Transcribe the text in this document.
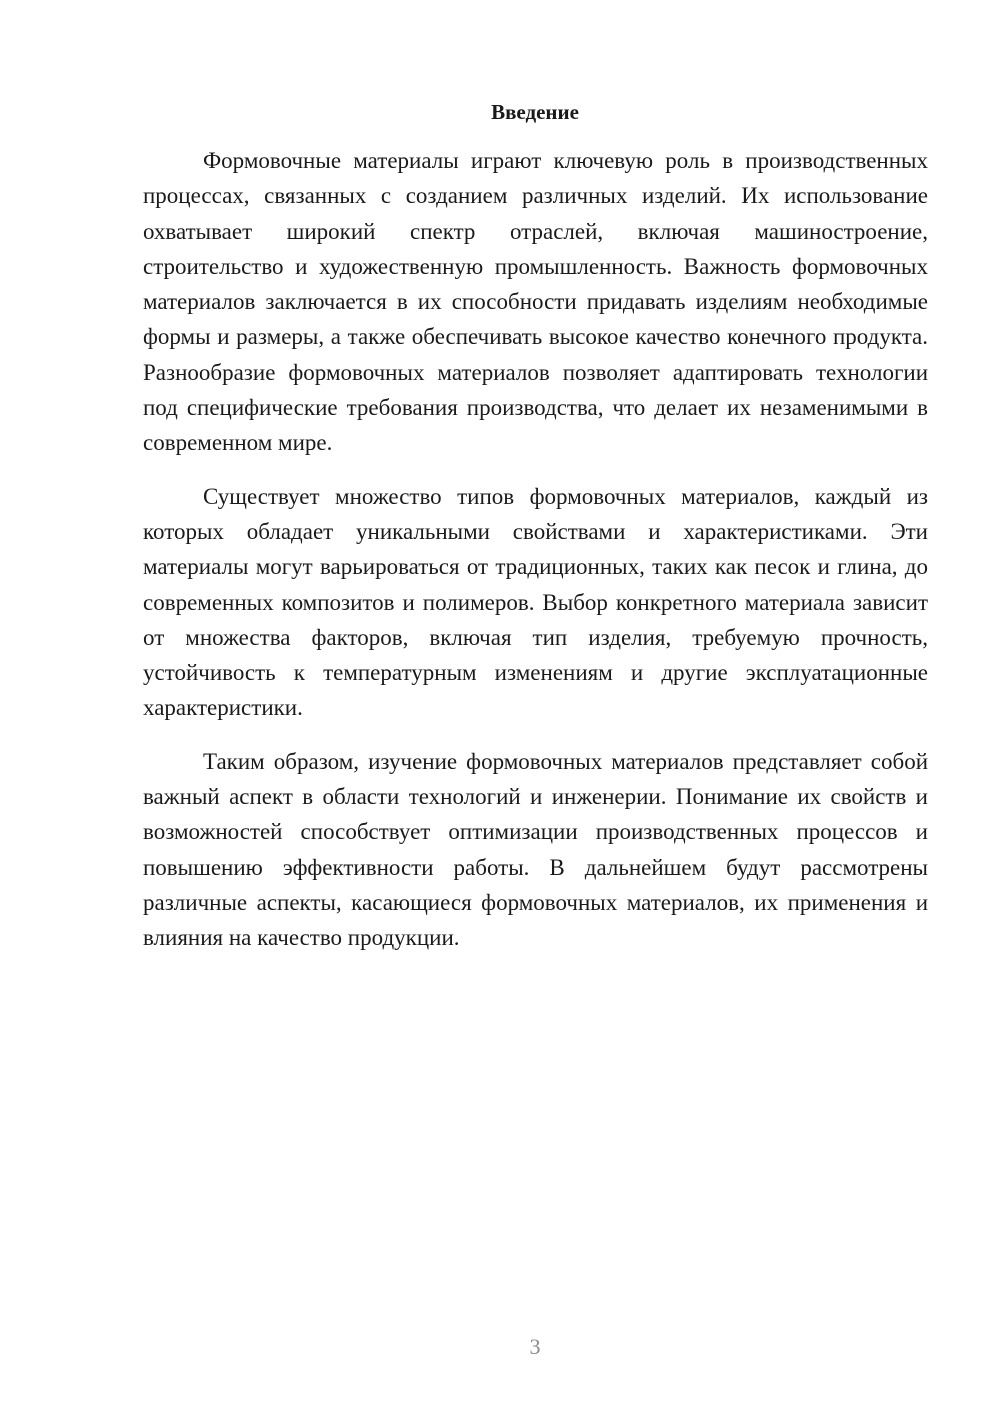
Введение

Формовочные материалы играют ключевую роль в производственных процессах, связанных с созданием различных изделий. Их использование охватывает широкий спектр отраслей, включая машиностроение, строительство и художественную промышленность. Важность формовочных материалов заключается в их способности придавать изделиям необходимые формы и размеры, а также обеспечивать высокое качество конечного продукта. Разнообразие формовочных материалов позволяет адаптировать технологии под специфические требования производства, что делает их незаменимыми в современном мире.

Существует множество типов формовочных материалов, каждый из которых обладает уникальными свойствами и характеристиками. Эти материалы могут варьироваться от традиционных, таких как песок и глина, до современных композитов и полимеров. Выбор конкретного материала зависит от множества факторов, включая тип изделия, требуемую прочность, устойчивость к температурным изменениям и другие эксплуатационные характеристики.

Таким образом, изучение формовочных материалов представляет собой важный аспект в области технологий и инженерии. Понимание их свойств и возможностей способствует оптимизации производственных процессов и повышению эффективности работы. В дальнейшем будут рассмотрены различные аспекты, касающиеся формовочных материалов, их применения и влияния на качество продукции.

3
